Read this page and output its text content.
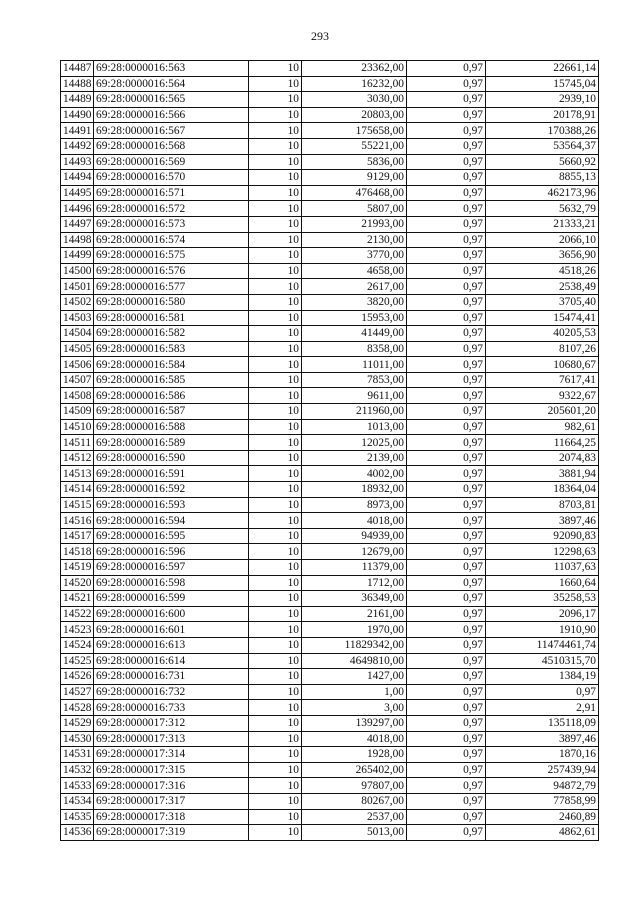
293
14487	69:28:0000016:563	10	23362,00	0,97	22661,14
14488	69:28:0000016:564	10	16232,00	0,97	15745,04
14489	69:28:0000016:565	10	3030,00	0,97	2939,10
14490	69:28:0000016:566	10	20803,00	0,97	20178,91
14491	69:28:0000016:567	10	175658,00	0,97	170388,26
14492	69:28:0000016:568	10	55221,00	0,97	53564,37
14493	69:28:0000016:569	10	5836,00	0,97	5660,92
14494	69:28:0000016:570	10	9129,00	0,97	8855,13
14495	69:28:0000016:571	10	476468,00	0,97	462173,96
14496	69:28:0000016:572	10	5807,00	0,97	5632,79
14497	69:28:0000016:573	10	21993,00	0,97	21333,21
14498	69:28:0000016:574	10	2130,00	0,97	2066,10
14499	69:28:0000016:575	10	3770,00	0,97	3656,90
14500	69:28:0000016:576	10	4658,00	0,97	4518,26
14501	69:28:0000016:577	10	2617,00	0,97	2538,49
14502	69:28:0000016:580	10	3820,00	0,97	3705,40
14503	69:28:0000016:581	10	15953,00	0,97	15474,41
14504	69:28:0000016:582	10	41449,00	0,97	40205,53
14505	69:28:0000016:583	10	8358,00	0,97	8107,26
14506	69:28:0000016:584	10	11011,00	0,97	10680,67
14507	69:28:0000016:585	10	7853,00	0,97	7617,41
14508	69:28:0000016:586	10	9611,00	0,97	9322,67
14509	69:28:0000016:587	10	211960,00	0,97	205601,20
14510	69:28:0000016:588	10	1013,00	0,97	982,61
14511	69:28:0000016:589	10	12025,00	0,97	11664,25
14512	69:28:0000016:590	10	2139,00	0,97	2074,83
14513	69:28:0000016:591	10	4002,00	0,97	3881,94
14514	69:28:0000016:592	10	18932,00	0,97	18364,04
14515	69:28:0000016:593	10	8973,00	0,97	8703,81
14516	69:28:0000016:594	10	4018,00	0,97	3897,46
14517	69:28:0000016:595	10	94939,00	0,97	92090,83
14518	69:28:0000016:596	10	12679,00	0,97	12298,63
14519	69:28:0000016:597	10	11379,00	0,97	11037,63
14520	69:28:0000016:598	10	1712,00	0,97	1660,64
14521	69:28:0000016:599	10	36349,00	0,97	35258,53
14522	69:28:0000016:600	10	2161,00	0,97	2096,17
14523	69:28:0000016:601	10	1970,00	0,97	1910,90
14524	69:28:0000016:613	10	11829342,00	0,97	11474461,74
14525	69:28:0000016:614	10	4649810,00	0,97	4510315,70
14526	69:28:0000016:731	10	1427,00	0,97	1384,19
14527	69:28:0000016:732	10	1,00	0,97	0,97
14528	69:28:0000016:733	10	3,00	0,97	2,91
14529	69:28:0000017:312	10	139297,00	0,97	135118,09
14530	69:28:0000017:313	10	4018,00	0,97	3897,46
14531	69:28:0000017:314	10	1928,00	0,97	1870,16
14532	69:28:0000017:315	10	265402,00	0,97	257439,94
14533	69:28:0000017:316	10	97807,00	0,97	94872,79
14534	69:28:0000017:317	10	80267,00	0,97	77858,99
14535	69:28:0000017:318	10	2537,00	0,97	2460,89
14536	69:28:0000017:319	10	5013,00	0,97	4862,61
